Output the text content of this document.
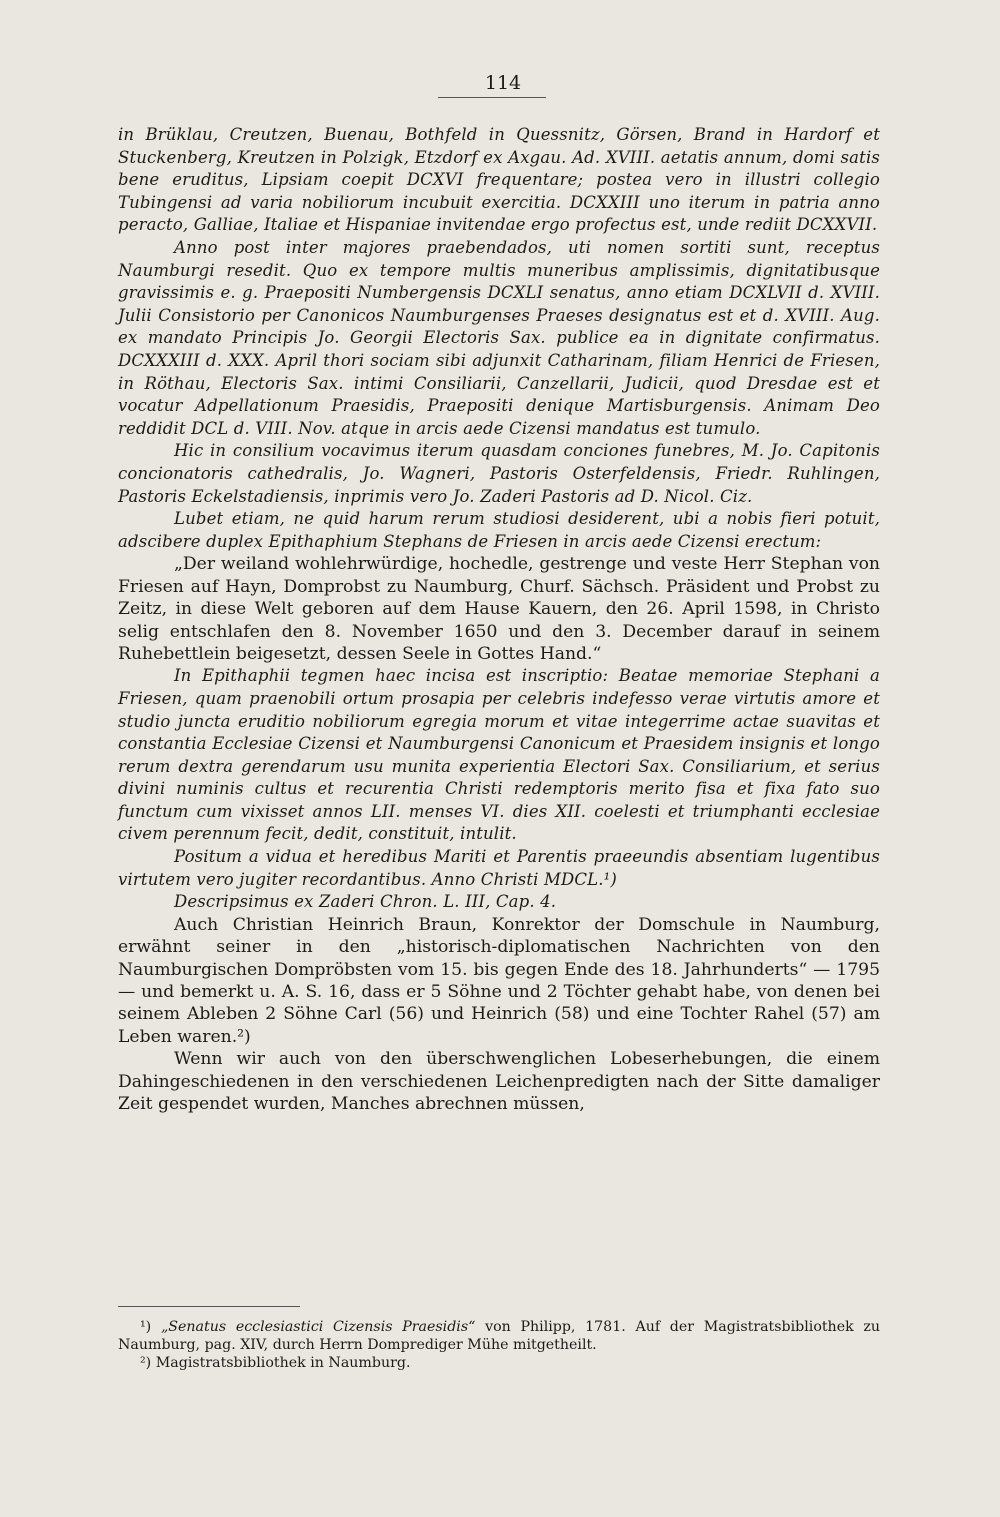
114

in Brüklau, Creutzen, Buenau, Bothfeld in Quessnitz, Görsen, Brand in Hardorf et Stuckenberg, Kreutzen in Polzigk, Etzdorf ex Axgau. Ad. XVIII. aetatis annum, domi satis bene eruditus, Lipsiam coepit DCXVI frequentare; postea vero in illustri collegio Tubingensi ad varia nobiliorum incubuit exercitia. DCXXIII uno iterum in patria anno peracto, Galliae, Italiae et Hispaniae invitendae ergo profectus est, unde rediit DCXXVII.

Anno post inter majores praebendados, uti nomen sortiti sunt, receptus Naumburgi resedit. Quo ex tempore multis muneribus amplissimis, dignitatibusque gravissimis e. g. Praepositi Numbergensis DCXLI senatus, anno etiam DCXLVII d. XVIII. Julii Consistorio per Canonicos Naumburgenses Praeses designatus est et d. XVIII. Aug. ex mandato Principis Jo. Georgii Electoris Sax. publice ea in dignitate confirmatus. DCXXXIII d. XXX. April thori sociam sibi adjunxit Catharinam, filiam Henrici de Friesen, in Röthau, Electoris Sax. intimi Consiliarii, Canzellarii, Judicii, quod Dresdae est et vocatur Adpellationum Praesidis, Praepositi denique Martisburgensis. Animam Deo reddidit DCL d. VIII. Nov. atque in arcis aede Cizensi mandatus est tumulo.

Hic in consilium vocavimus iterum quasdam conciones funebres, M. Jo. Capitonis concionatoris cathedralis, Jo. Wagneri, Pastoris Osterfeldensis, Friedr. Ruhlingen, Pastoris Eckelstadiensis, inprimis vero Jo. Zaderi Pastoris ad D. Nicol. Ciz.

Lubet etiam, ne quid harum rerum studiosi desiderent, ubi a nobis fieri potuit, adscibere duplex Epithaphium Stephans de Friesen in arcis aede Cizensi erectum:

„Der weiland wohlehrwürdige, hochedle, gestrenge und veste Herr Stephan von Friesen auf Hayn, Domprobst zu Naumburg, Churf. Sächsch. Präsident und Probst zu Zeitz, in diese Welt geboren auf dem Hause Kauern, den 26. April 1598, in Christo selig entschlafen den 8. November 1650 und den 3. December darauf in seinem Ruhebettlein beigesetzt, dessen Seele in Gottes Hand.“

In Epithaphii tegmen haec incisa est inscriptio: Beatae memoriae Stephani a Friesen, quam praenobili ortum prosapia per celebris indefesso verae virtutis amore et studio juncta eruditio nobiliorum egregia morum et vitae integerrime actae suavitas et constantia Ecclesiae Cizensi et Naumburgensi Canonicum et Praesidem insignis et longo rerum dextra gerendarum usu munita experientia Electori Sax. Consiliarium, et serius divini numinis cultus et recurentia Christi redemptoris merito fisa et fixa fato suo functum cum vixisset annos LII. menses VI. dies XII. coelesti et triumphanti ecclesiae civem perennum fecit, dedit, constituit, intulit.

Positum a vidua et heredibus Mariti et Parentis praeeundis absentiam lugentibus virtutem vero jugiter recordantibus. Anno Christi MDCL.¹)

Descripsimus ex Zaderi Chron. L. III, Cap. 4.

Auch Christian Heinrich Braun, Konrektor der Domschule in Naumburg, erwähnt seiner in den „historisch-diplomatischen Nachrichten von den Naumburgischen Dompröbsten vom 15. bis gegen Ende des 18. Jahrhunderts“ — 1795 — und bemerkt u. A. S. 16, dass er 5 Söhne und 2 Töchter gehabt habe, von denen bei seinem Ableben 2 Söhne Carl (56) und Heinrich (58) und eine Tochter Rahel (57) am Leben waren.²)

Wenn wir auch von den überschwenglichen Lobeserhebungen, die einem Dahingeschiedenen in den verschiedenen Leichenpredigten nach der Sitte damaliger Zeit gespendet wurden, Manches abrechnen müssen,

¹) „Senatus ecclesiastici Cizensis Praesidis“ von Philipp, 1781. Auf der Magistratsbibliothek zu Naumburg, pag. XIV, durch Herrn Domprediger Mühe mitgetheilt.

²) Magistratsbibliothek in Naumburg.
